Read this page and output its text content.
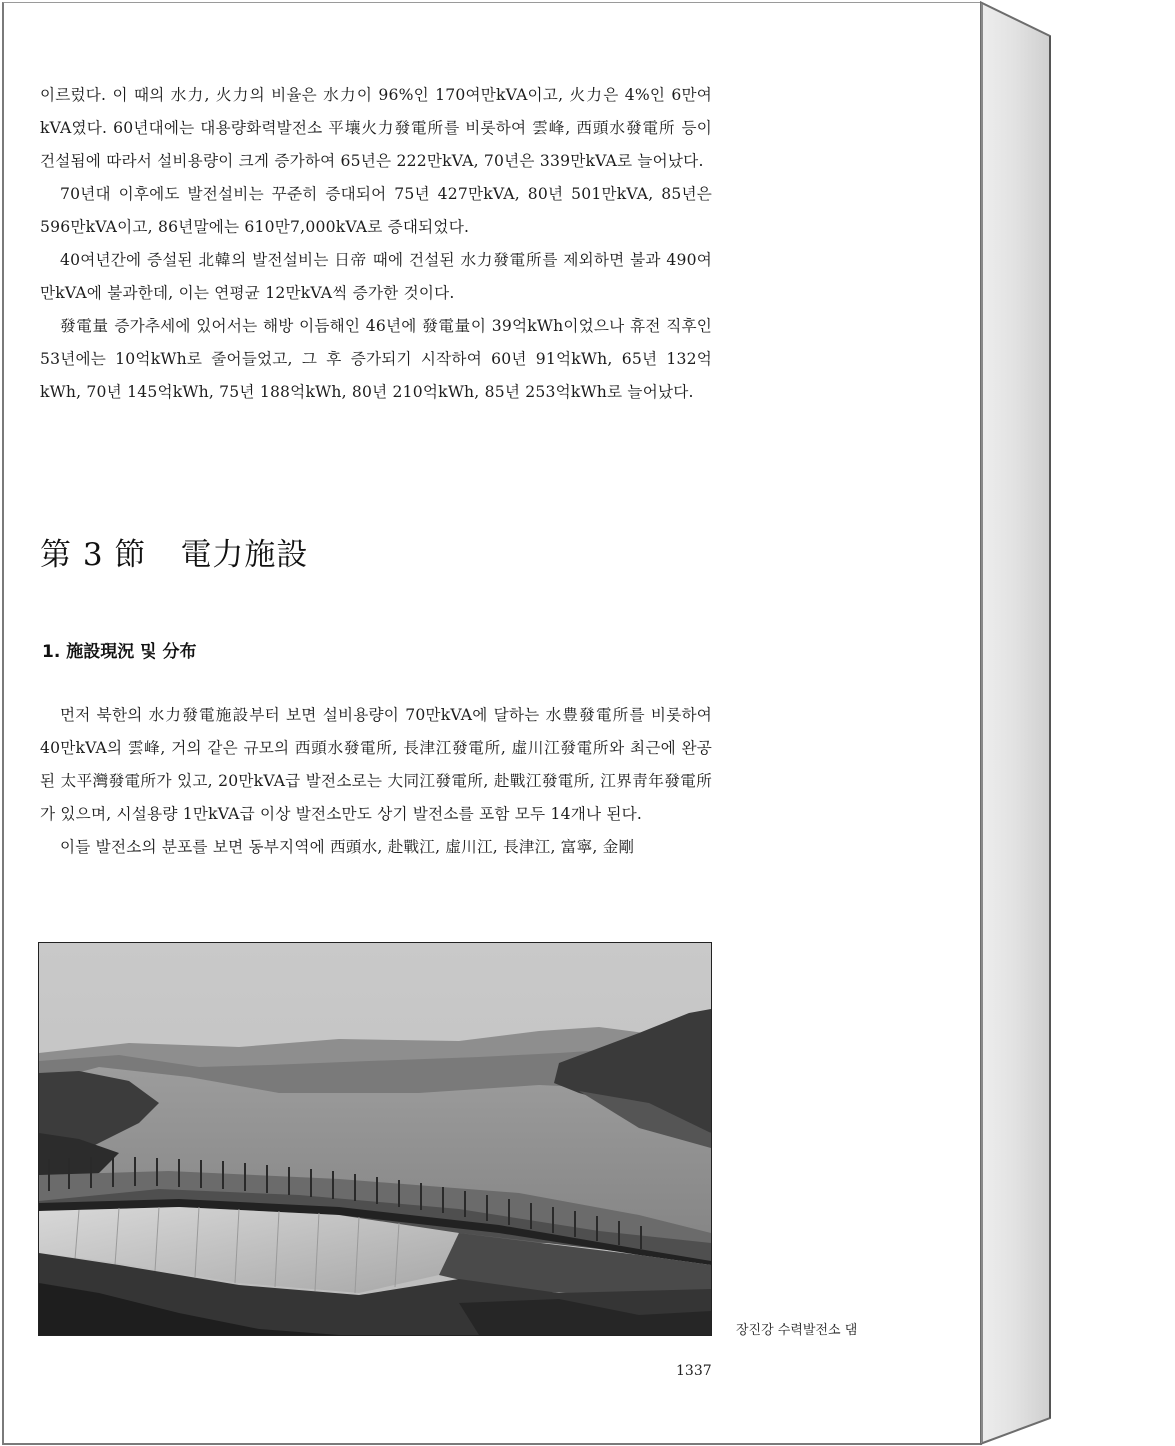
이르렀다. 이 때의 水力, 火力의 비율은 水力이 96%인 170여만kVA이고, 火力은 4%인 6만여kVA였다. 60년대에는 대용량화력발전소 平壤火力發電所를 비롯하여 雲峰, 西頭水發電所 등이 건설됨에 따라서 설비용량이 크게 증가하여 65년은 222만kVA, 70년은 339만kVA로 늘어났다.

70년대 이후에도 발전설비는 꾸준히 증대되어 75년 427만kVA, 80년 501만kVA, 85년은 596만kVA이고, 86년말에는 610만7,000kVA로 증대되었다.

40여년간에 증설된 北韓의 발전설비는 日帝 때에 건설된 水力發電所를 제외하면 불과 490여만kVA에 불과한데, 이는 연평균 12만kVA씩 증가한 것이다.

發電量 증가추세에 있어서는 해방 이듬해인 46년에 發電量이 39억kWh이었으나 휴전 직후인 53년에는 10억kWh로 줄어들었고, 그 후 증가되기 시작하여 60년 91억kWh, 65년 132억kWh, 70년 145억kWh, 75년 188억kWh, 80년 210억kWh, 85년 253억kWh로 늘어났다.

第 3 節 電力施設
1. 施設現況 및 分布

먼저 북한의 水力發電施設부터 보면 설비용량이 70만kVA에 달하는 水豊發電所를 비롯하여 40만kVA의 雲峰, 거의 같은 규모의 西頭水發電所, 長津江發電所, 虛川江發電所와 최근에 완공된 太平灣發電所가 있고, 20만kVA급 발전소로는 大同江發電所, 赴戰江發電所, 江界靑年發電所가 있으며, 시설용량 1만kVA급 이상 발전소만도 상기 발전소를 포함 모두 14개나 된다.

이들 발전소의 분포를 보면 동부지역에 西頭水, 赴戰江, 虛川江, 長津江, 富寧, 金剛

장진강 수력발전소 댐
1337
